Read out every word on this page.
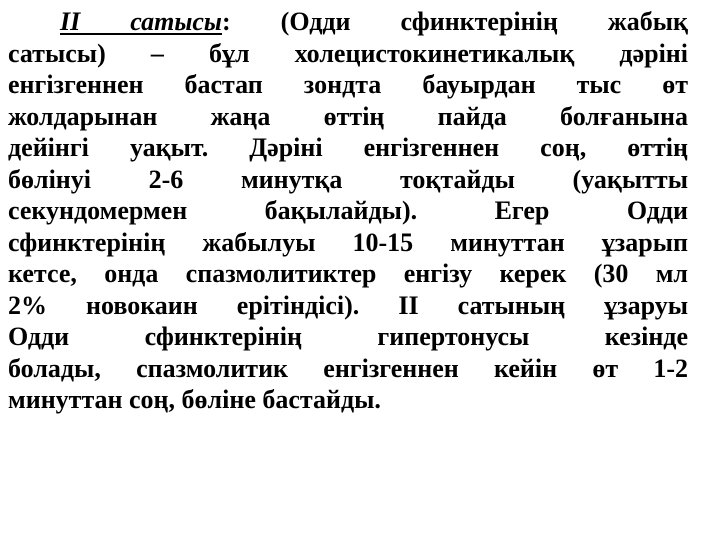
ІІ сатысы: (Одди сфинктерінің жабық
сатысы) – бұл холецистокинетикалық дәріні
енгізгеннен бастап зондта бауырдан тыс өт
жолдарынан жаңа өттің пайда болғанына
дейінгі уақыт. Дәріні енгізгеннен соң, өттің
бөлінуі 2-6 минутқа тоқтайды (уақытты
секундомермен бақылайды). Егер Одди
сфинктерінің жабылуы 10-15 минуттан ұзарып
кетсе, онда спазмолитиктер енгізу керек (30 мл
2% новокаин ерітіндісі). ІІ сатының ұзаруы
Одди сфинктерінің гипертонусы кезінде
болады, спазмолитик енгізгеннен кейін өт 1-2
минуттан соң, бөліне бастайды.
